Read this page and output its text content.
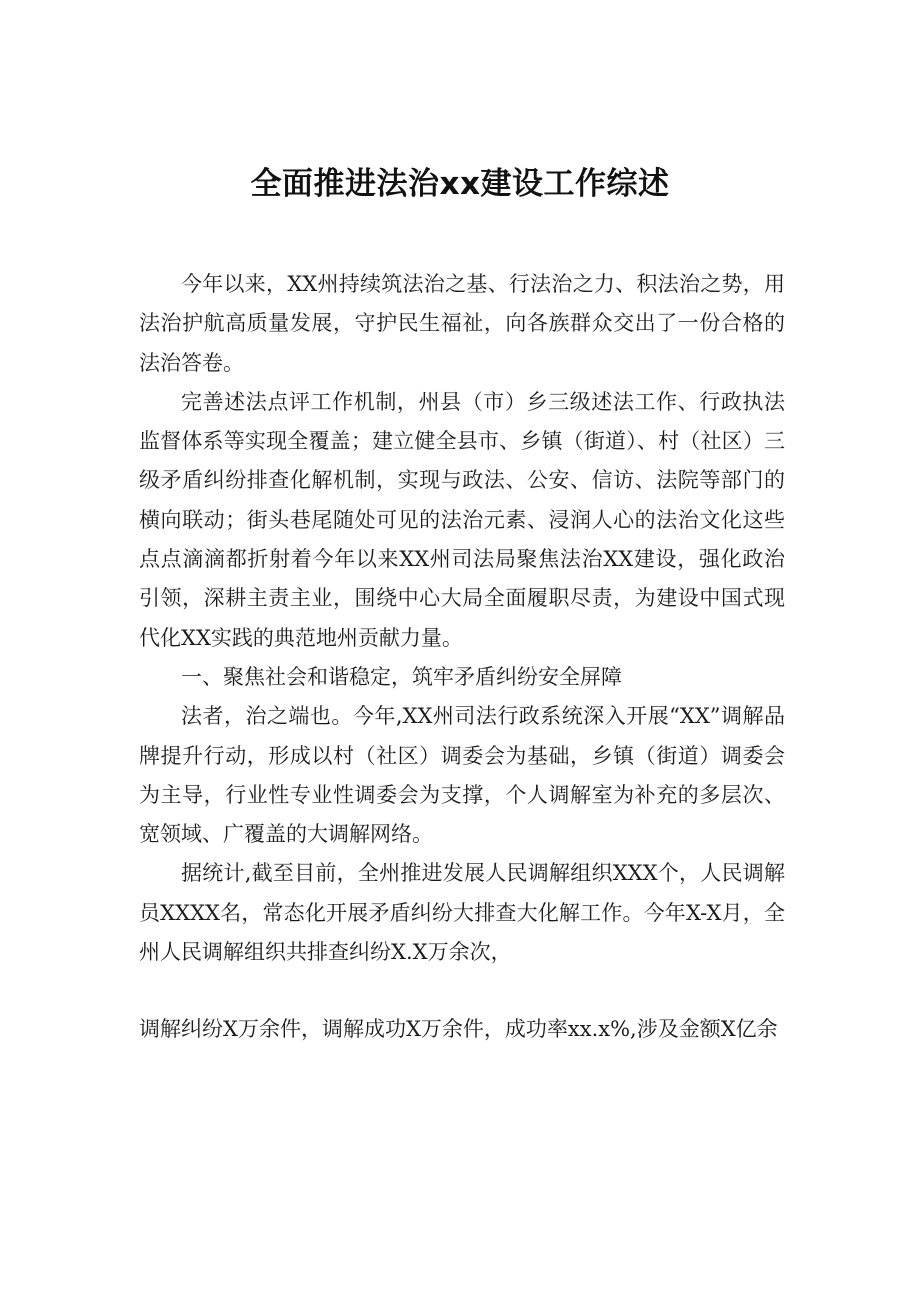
全面推进法治xx建设工作综述

今年以来，XX州持续筑法治之基、行法治之力、积法治之势，用法治护航高质量发展，守护民生福祉，向各族群众交出了一份合格的法治答卷。

完善述法点评工作机制，州县（市）乡三级述法工作、行政执法监督体系等实现全覆盖；建立健全县市、乡镇（街道）、村（社区）三级矛盾纠纷排查化解机制，实现与政法、公安、信访、法院等部门的横向联动；街头巷尾随处可见的法治元素、浸润人心的法治文化这些点点滴滴都折射着今年以来XX州司法局聚焦法治XX建设，强化政治引领，深耕主责主业，围绕中心大局全面履职尽责，为建设中国式现代化XX实践的典范地州贡献力量。

一、聚焦社会和谐稳定，筑牢矛盾纠纷安全屏障

法者，治之端也。今年,XX州司法行政系统深入开展“XX”调解品牌提升行动，形成以村（社区）调委会为基础，乡镇（街道）调委会为主导，行业性专业性调委会为支撑，个人调解室为补充的多层次、宽领域、广覆盖的大调解网络。

据统计,截至目前，全州推进发展人民调解组织XXX个，人民调解员XXXX名，常态化开展矛盾纠纷大排查大化解工作。今年X-X月，全州人民调解组织共排查纠纷X.X万余次，

调解纠纷X万余件，调解成功X万余件，成功率xx.x%,涉及金额X亿余
